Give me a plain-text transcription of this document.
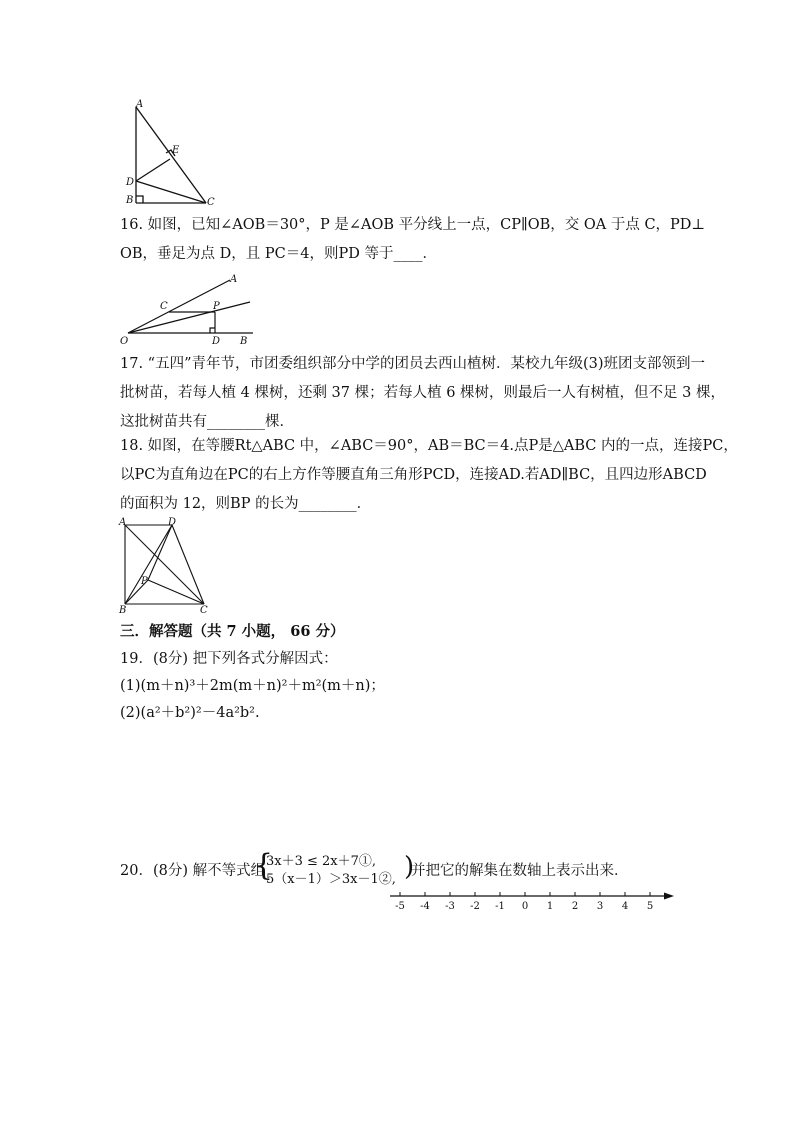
A
E
D
B	C
16. 如图，已知∠AOB＝30°，P 是∠AOB 平分线上一点，CP∥OB，交 OA 于点 C，PD⊥
OB，垂足为点 D，且 PC＝4，则PD 等于____．
A
C	P
O	D B
17. “五四”青年节，市团委组织部分中学的团员去西山植树．某校九年级(3)班团支部领到一
批树苗，若每人植 4 棵树，还剩 37 棵；若每人植 6 棵树，则最后一人有树植，但不足 3 棵，
这批树苗共有________棵．
18. 如图，在等腰Rt△ABC 中，∠ABC＝90°，AB＝BC＝4.点P是△ABC 内的一点，连接PC，
以PC为直角边在PC的右上方作等腰直角三角形PCD，连接AD.若AD∥BC，且四边形ABCD
的面积为 12，则BP 的长为________．
A	D
P
B	C
三．解答题（共 7 小题， 66 分）
19．(8分) 把下列各式分解因式：
(1)(m＋n)³＋2m(m＋n)²＋m²(m＋n)；
(2)(a²＋b²)²－4a²b².
20．(8分) 解不等式组
{
3x＋3 ≤ 2x＋7①,
5（x－1）＞3x－1②, )
并把它的解集在数轴上表示出来．
-5 -4 -3 -2 -1 0 1 2 3 4 5
